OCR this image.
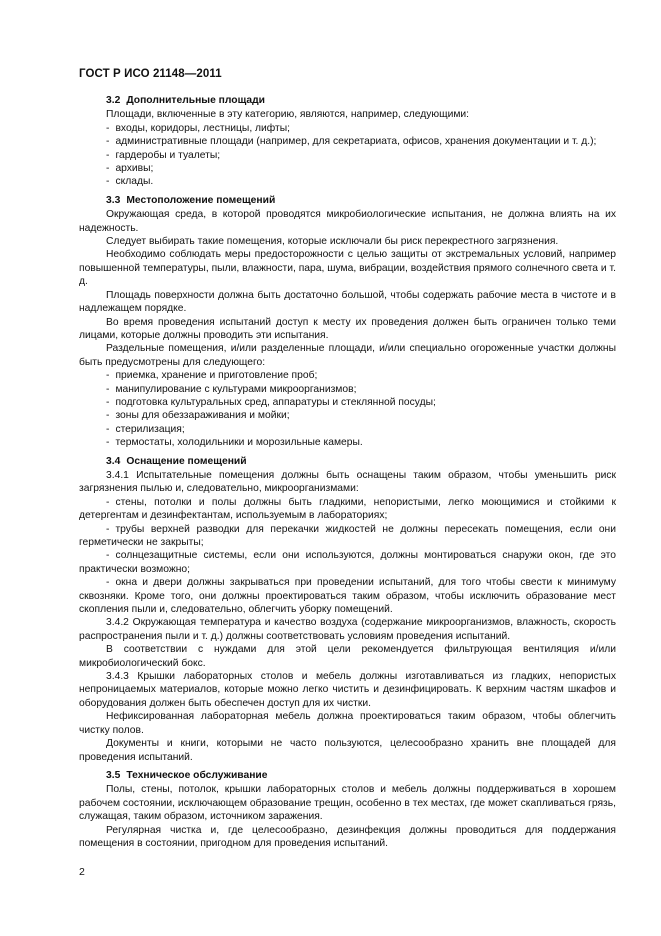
ГОСТ Р ИСО 21148—2011

3.2 Дополнительные площади

Площади, включенные в эту категорию, являются, например, следующими:

- входы, коридоры, лестницы, лифты;

- административные площади (например, для секретариата, офисов, хранения документации и т. д.);

- гардеробы и туалеты;

- архивы;

- склады.

3.3 Местоположение помещений

Окружающая среда, в которой проводятся микробиологические испытания, не должна влиять на их надежность.

Следует выбирать такие помещения, которые исключали бы риск перекрестного загрязнения.

Необходимо соблюдать меры предосторожности с целью защиты от экстремальных условий, например повышенной температуры, пыли, влажности, пара, шума, вибрации, воздействия прямого солнечного света и т. д.

Площадь поверхности должна быть достаточно большой, чтобы содержать рабочие места в чистоте и в надлежащем порядке.

Во время проведения испытаний доступ к месту их проведения должен быть ограничен только теми лицами, которые должны проводить эти испытания.

Раздельные помещения, и/или разделенные площади, и/или специально огороженные участки должны быть предусмотрены для следующего:

- приемка, хранение и приготовление проб;

- манипулирование с культурами микроорганизмов;

- подготовка культуральных сред, аппаратуры и стеклянной посуды;

- зоны для обеззараживания и мойки;

- стерилизация;

- термостаты, холодильники и морозильные камеры.

3.4 Оснащение помещений

3.4.1 Испытательные помещения должны быть оснащены таким образом, чтобы уменьшить риск загрязнения пылью и, следовательно, микроорганизмами:

- стены, потолки и полы должны быть гладкими, непористыми, легко моющимися и стойкими к детергентам и дезинфектантам, используемым в лабораториях;

- трубы верхней разводки для перекачки жидкостей не должны пересекать помещения, если они герметически не закрыты;

- солнцезащитные системы, если они используются, должны монтироваться снаружи окон, где это практически возможно;

- окна и двери должны закрываться при проведении испытаний, для того чтобы свести к минимуму сквозняки. Кроме того, они должны проектироваться таким образом, чтобы исключить образование мест скопления пыли и, следовательно, облегчить уборку помещений.

3.4.2 Окружающая температура и качество воздуха (содержание микроорганизмов, влажность, скорость распространения пыли и т. д.) должны соответствовать условиям проведения испытаний.

В соответствии с нуждами для этой цели рекомендуется фильтрующая вентиляция и/или микробиологический бокс.

3.4.3 Крышки лабораторных столов и мебель должны изготавливаться из гладких, непористых непроницаемых материалов, которые можно легко чистить и дезинфицировать. К верхним частям шкафов и оборудования должен быть обеспечен доступ для их чистки.

Нефиксированная лабораторная мебель должна проектироваться таким образом, чтобы облегчить чистку полов.

Документы и книги, которыми не часто пользуются, целесообразно хранить вне площадей для проведения испытаний.

3.5 Техническое обслуживание

Полы, стены, потолок, крышки лабораторных столов и мебель должны поддерживаться в хорошем рабочем состоянии, исключающем образование трещин, особенно в тех местах, где может скапливаться грязь, служащая, таким образом, источником заражения.

Регулярная чистка и, где целесообразно, дезинфекция должны проводиться для поддержания помещения в состоянии, пригодном для проведения испытаний.

2
